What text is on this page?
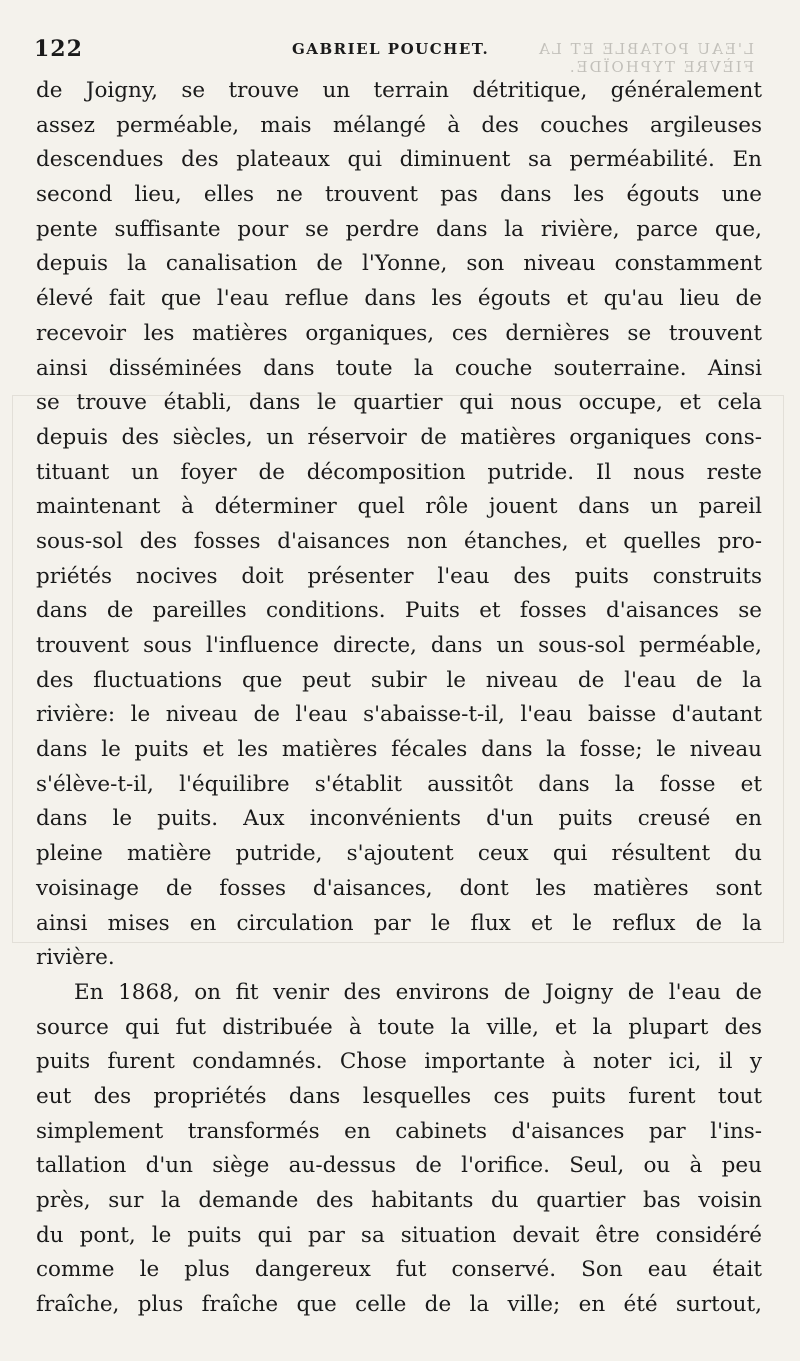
122	GABRIEL POUCHET.	L'EAU POTABLE ET LA FIÈVRE TYPHOÏDE.
de Joigny, se trouve un terrain détritique, généralement
assez perméable, mais mélangé à des couches argileuses
descendues des plateaux qui diminuent sa perméabilité. En
second lieu, elles ne trouvent pas dans les égouts une
pente suffisante pour se perdre dans la rivière, parce que,
depuis la canalisation de l'Yonne, son niveau constamment
élevé fait que l'eau reflue dans les égouts et qu'au lieu de
recevoir les matières organiques, ces dernières se trouvent
ainsi disséminées dans toute la couche souterraine. Ainsi
se trouve établi, dans le quartier qui nous occupe, et cela
depuis des siècles, un réservoir de matières organiques cons-
tituant un foyer de décomposition putride. Il nous reste
maintenant à déterminer quel rôle jouent dans un pareil
sous-sol des fosses d'aisances non étanches, et quelles pro-
priétés nocives doit présenter l'eau des puits construits
dans de pareilles conditions. Puits et fosses d'aisances se
trouvent sous l'influence directe, dans un sous-sol perméable,
des fluctuations que peut subir le niveau de l'eau de la
rivière: le niveau de l'eau s'abaisse-t-il, l'eau baisse d'autant
dans le puits et les matières fécales dans la fosse; le niveau
s'élève-t-il, l'équilibre s'établit aussitôt dans la fosse et
dans le puits. Aux inconvénients d'un puits creusé en
pleine matière putride, s'ajoutent ceux qui résultent du
voisinage de fosses d'aisances, dont les matières sont
ainsi mises en circulation par le flux et le reflux de la
rivière.
En 1868, on fit venir des environs de Joigny de l'eau de
source qui fut distribuée à toute la ville, et la plupart des
puits furent condamnés. Chose importante à noter ici, il y
eut des propriétés dans lesquelles ces puits furent tout
simplement transformés en cabinets d'aisances par l'ins-
tallation d'un siège au-dessus de l'orifice. Seul, ou à peu
près, sur la demande des habitants du quartier bas voisin
du pont, le puits qui par sa situation devait être considéré
comme le plus dangereux fut conservé. Son eau était
fraîche, plus fraîche que celle de la ville; en été surtout,
